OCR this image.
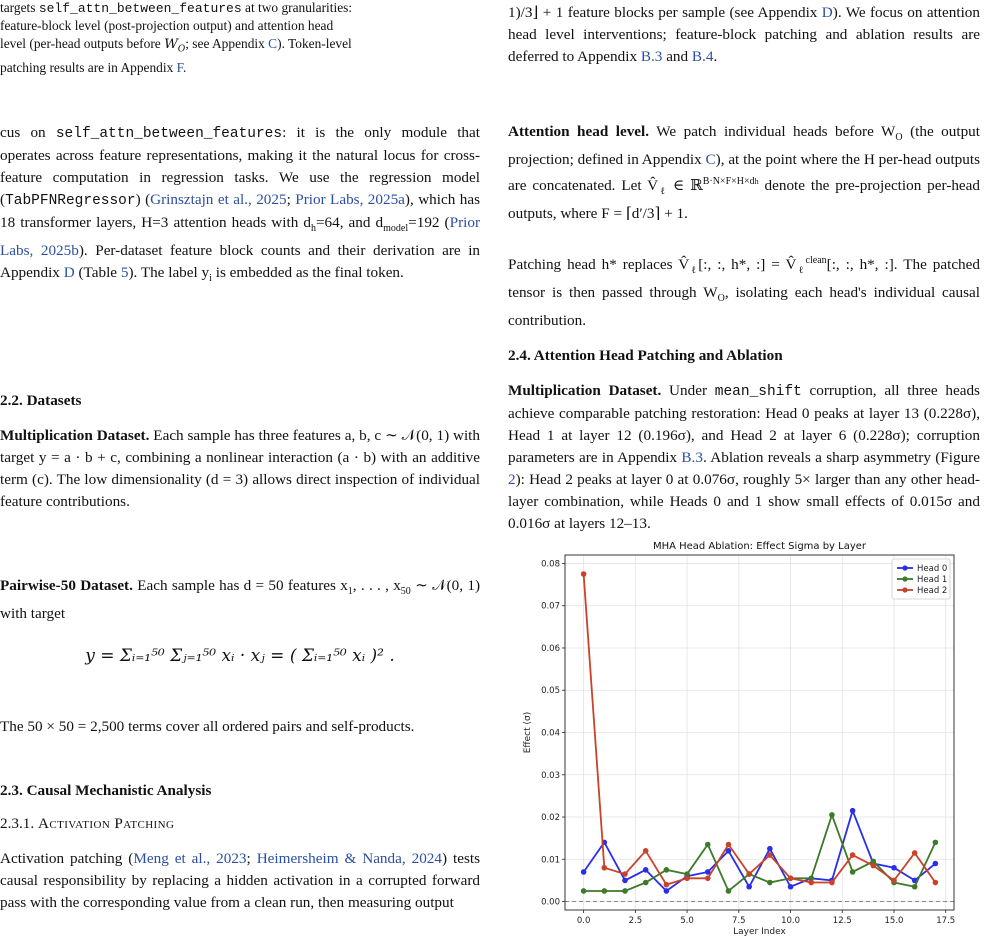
targets self_attn_between_features at two granularities:
feature-block level (post-projection output) and attention head
level (per-head outputs before $W_O$; see Appendix C). Token-level
patching results are in Appendix F.

cus on self_attn_between_features: it is the only module that operates across feature representations, making it the natural locus for cross-feature computation in regression tasks. We use the regression model (TabPFNRegressor) (Grinsztajn et al., 2025; Prior Labs, 2025a), which has 18 transformer layers, H=3 attention heads with $d_h=64$, and $d_{model}=192$ (Prior Labs, 2025b). Per-dataset feature block counts and their derivation are in Appendix D (Table 5). The label $y_i$ is embedded as the final token.

2.2. Datasets

Multiplication Dataset. Each sample has three features a, b, c ∼ 𝒩(0, 1) with target y = a · b + c, combining a nonlinear interaction (a · b) with an additive term (c). The low dimensionality (d = 3) allows direct inspection of individual feature contributions.

Pairwise-50 Dataset. Each sample has d = 50 features $x_1$, . . . , $x_{50}$ ∼ 𝒩(0, 1) with target

y = Σᵢ₌₁⁵⁰ Σⱼ₌₁⁵⁰ xᵢ · xⱼ = ( Σᵢ₌₁⁵⁰ xᵢ )² .

The 50 × 50 = 2,500 terms cover all ordered pairs and self-products.

2.3. Causal Mechanistic Analysis

2.3.1. Activation Patching

Activation patching (Meng et al., 2023; Heimersheim & Nanda, 2024) tests causal responsibility by replacing a hidden activation in a corrupted forward pass with the corresponding value from a clean run, then measuring output

1)/3⌋ + 1 feature blocks per sample (see Appendix D). We focus on attention head level interventions; feature-block patching and ablation results are deferred to Appendix B.3 and B.4.

Attention head level. We patch individual heads before $W_O$ (the output projection; defined in Appendix C), at the point where the H per-head outputs are concatenated. Let $V̂_\ell$ ∈ ℝ$^{B\cdot N\times F\times H\times dh}$ denote the pre-projection per-head outputs, where F = ⌈d′/3⌉ + 1.

Patching head h* replaces $V̂_\ell$[:, :, h*, :] = $V̂_\ell^{clean}$[:, :, h*, :]. The patched tensor is then passed through $W_O$, isolating each head's individual causal contribution.

2.4. Attention Head Patching and Ablation

Multiplication Dataset. Under mean_shift corruption, all three heads achieve comparable patching restoration: Head 0 peaks at layer 13 (0.228σ), Head 1 at layer 12 (0.196σ), and Head 2 at layer 6 (0.228σ); corruption parameters are in Appendix B.3. Ablation reveals a sharp asymmetry (Figure 2): Head 2 peaks at layer 0 at 0.076σ, roughly 5× larger than any other head-layer combination, while Heads 0 and 1 show small effects of 0.015σ and 0.016σ at layers 12–13.

0.0	2.5	5.0	7.5	10.0	12.5	15.0	17.5
0.00
0.01
0.02
0.03
0.04
0.05
0.06
0.07
0.08
MHA Head Ablation: Effect Sigma by Layer
Layer Index
Effect (σ)
Head 0
Head 1
Head 2
